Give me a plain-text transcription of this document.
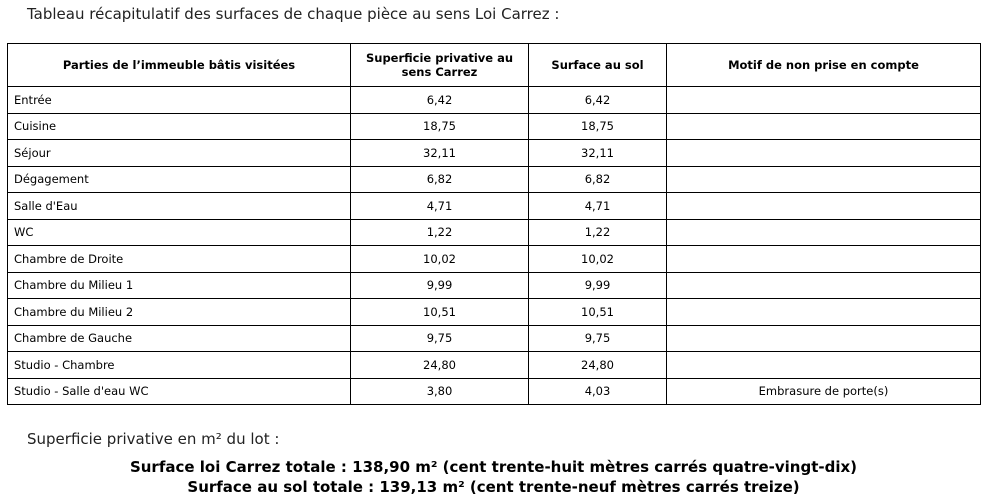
Tableau récapitulatif des surfaces de chaque pièce au sens Loi Carrez :
Parties de l’immeuble bâtis visitées	Superficie privative au sens Carrez	Surface au sol	Motif de non prise en compte
Entrée	6,42	6,42	
Cuisine	18,75	18,75	
Séjour	32,11	32,11	
Dégagement	6,82	6,82	
Salle d'Eau	4,71	4,71	
WC	1,22	1,22	
Chambre de Droite	10,02	10,02	
Chambre du Milieu 1	9,99	9,99	
Chambre du Milieu 2	10,51	10,51	
Chambre de Gauche	9,75	9,75	
Studio - Chambre	24,80	24,80	
Studio - Salle d'eau WC	3,80	4,03	Embrasure de porte(s)
Superficie privative en m² du lot :
Surface loi Carrez totale : 138,90 m² (cent trente-huit mètres carrés quatre-vingt-dix)
Surface au sol totale : 139,13 m² (cent trente-neuf mètres carrés treize)
